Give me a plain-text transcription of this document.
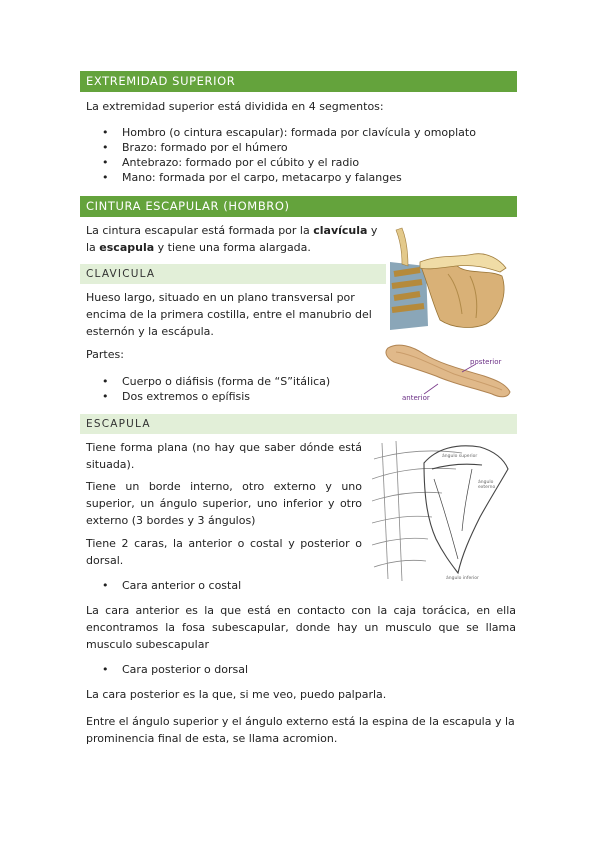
EXTREMIDAD SUPERIOR
La extremidad superior está dividida en 4 segmentos:
• Hombro (o cintura escapular): formada por clavícula y omoplato
• Brazo: formado por el húmero
• Antebrazo: formado por el cúbito y el radio
• Mano: formada por el carpo, metacarpo y falanges
CINTURA ESCAPULAR (HOMBRO)
La cintura escapular está formada por la clavícula y la escapula y tiene una forma alargada.
CLAVICULA
Hueso largo, situado en un plano transversal por encima de la primera costilla, entre el manubrio del esternón y la escápula.
Partes:
• Cuerpo o diáfisis (forma de “S”itálica)
• Dos extremos o epífisis
posterior
anterior
ESCAPULA
Tiene forma plana (no hay que saber dónde está situada).
Tiene un borde interno, otro externo y uno superior, un ángulo superior, uno inferior y otro externo (3 bordes y 3 ángulos)
Tiene 2 caras, la anterior o costal y posterior o dorsal.
• Cara anterior o costal
ángulo superior
ángulo
externo
ángulo inferior
La cara anterior es la que está en contacto con la caja torácica, en ella encontramos la fosa subescapular, donde hay un musculo que se llama musculo subescapular
• Cara posterior o dorsal
La cara posterior es la que, si me veo, puedo palparla.
Entre el ángulo superior y el ángulo externo está la espina de la escapula y la prominencia final de esta, se llama acromion.
